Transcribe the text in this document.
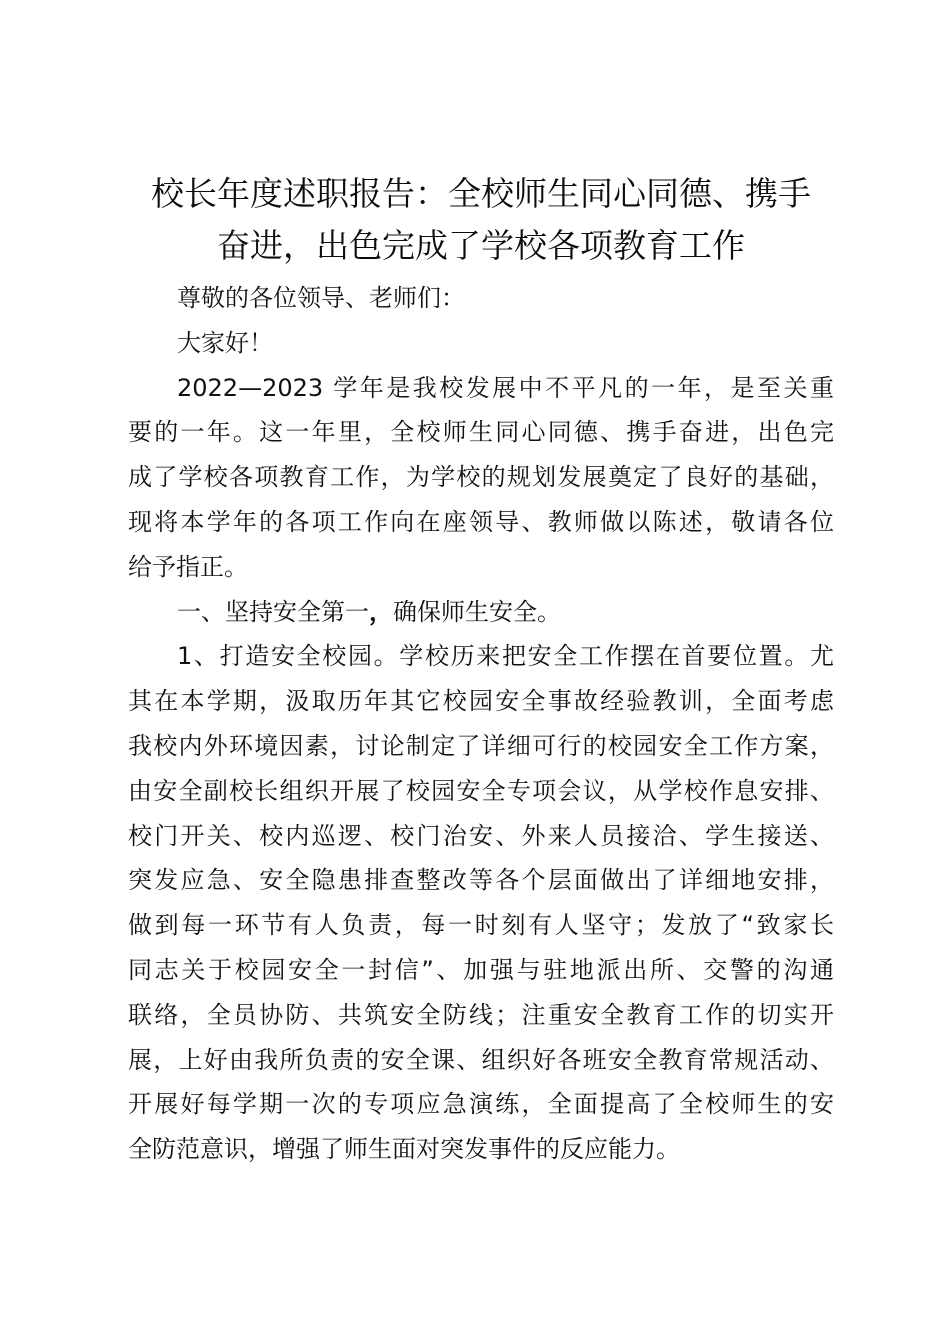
校长年度述职报告：全校师生同心同德、携手
奋进，出色完成了学校各项教育工作
尊敬的各位领导、老师们：
大家好！
2022—2023 学年是我校发展中不平凡的一年，是至关重
要的一年。这一年里，全校师生同心同德、携手奋进，出色完
成了学校各项教育工作，为学校的规划发展奠定了良好的基础，
现将本学年的各项工作向在座领导、教师做以陈述，敬请各位
给予指正。
一、坚持安全第一，确保师生安全。
1、打造安全校园。学校历来把安全工作摆在首要位置。尤
其在本学期，汲取历年其它校园安全事故经验教训，全面考虑
我校内外环境因素，讨论制定了详细可行的校园安全工作方案，
由安全副校长组织开展了校园安全专项会议，从学校作息安排、
校门开关、校内巡逻、校门治安、外来人员接洽、学生接送、
突发应急、安全隐患排查整改等各个层面做出了详细地安排，
做到每一环节有人负责，每一时刻有人坚守；发放了“致家长
同志关于校园安全一封信”、加强与驻地派出所、交警的沟通
联络，全员协防、共筑安全防线；注重安全教育工作的切实开
展，上好由我所负责的安全课、组织好各班安全教育常规活动、
开展好每学期一次的专项应急演练，全面提高了全校师生的安
全防范意识，增强了师生面对突发事件的反应能力。
